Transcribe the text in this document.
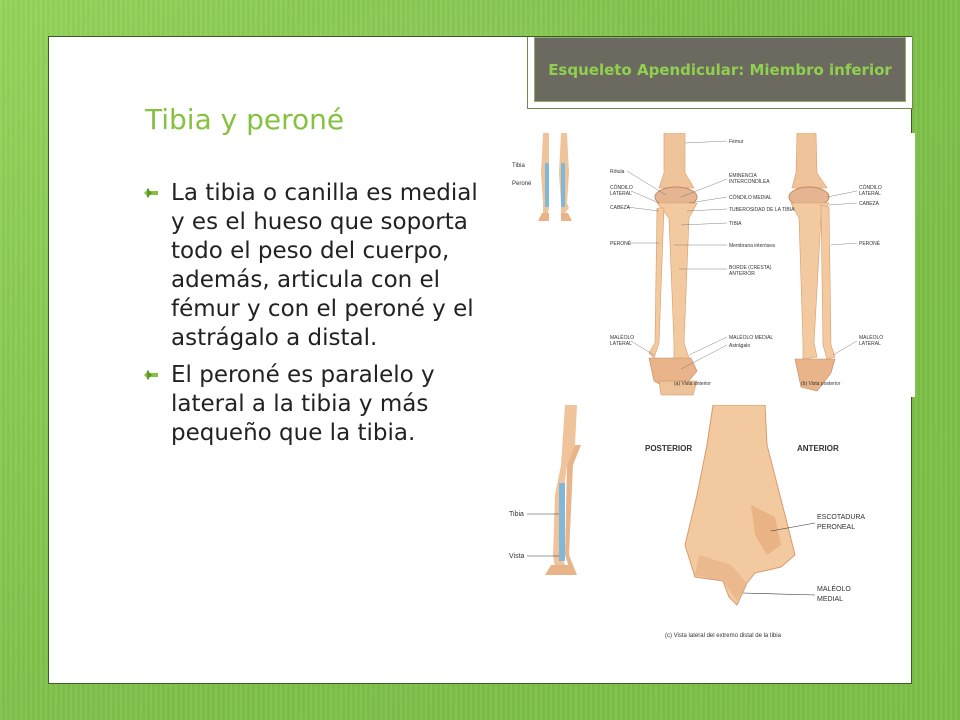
Esqueleto Apendicular: Miembro inferior
Tibia y peroné
La tibia o canilla es medial y es el hueso que soporta todo el peso del cuerpo, además, articula con el fémur y con el peroné y el astrágalo a distal.
El peroné es paralelo y lateral a la tibia y más pequeño que la tibia.
Tibia
Peroné
Rótula
CÓNDILO
LATERAL
CABEZA
PERONÉ
MALÉOLO
LATERAL
Fémur
EMINENCIA
INTERCONDÍLEA
CÓNDILO MEDIAL
TUBEROSIDAD DE LA TIBIA
TIBIA
Membrana interósea
BORDE (CRESTA)
ANTERIOR
MALÉOLO MEDIAL
Astrágalo
CÓNDILO
LATERAL
CABEZA
PERONÉ
MALÉOLO
LATERAL
(a) Vista anterior	(b) Vista posterior
Tibia
Vista
POSTERIOR	ANTERIOR
ESCOTADURA
PERONEAL
MALÉOLO
MEDIAL
(c) Vista lateral del extremo distal de la tibia
